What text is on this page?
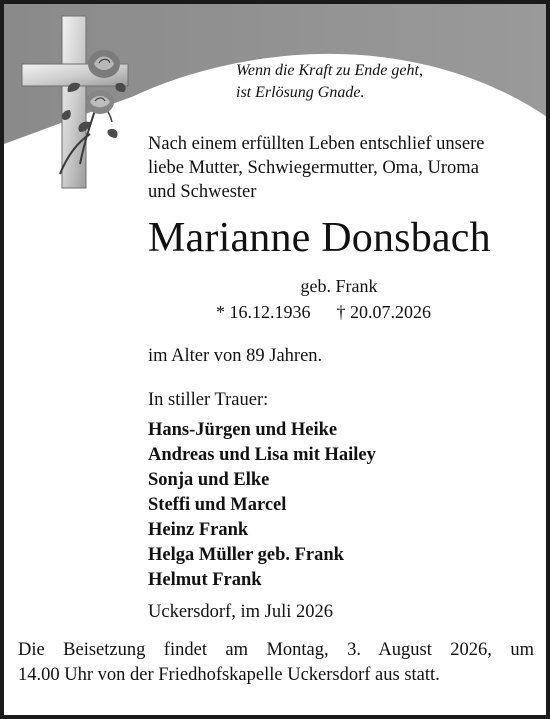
Wenn die Kraft zu Ende geht,
ist Erlösung Gnade.
Nach einem erfüllten Leben entschlief unsere
liebe Mutter, Schwiegermutter, Oma, Uroma
und Schwester
Marianne Donsbach
geb. Frank
* 16.12.1936 † 20.07.2026
im Alter von 89 Jahren.
In stiller Trauer:
Hans-Jürgen und Heike
Andreas und Lisa mit Hailey
Sonja und Elke
Steffi und Marcel
Heinz Frank
Helga Müller geb. Frank
Helmut Frank
Uckersdorf, im Juli 2026
Die Beisetzung findet am Montag, 3. August 2026, um
14.00 Uhr von der Friedhofskapelle Uckersdorf aus statt.
